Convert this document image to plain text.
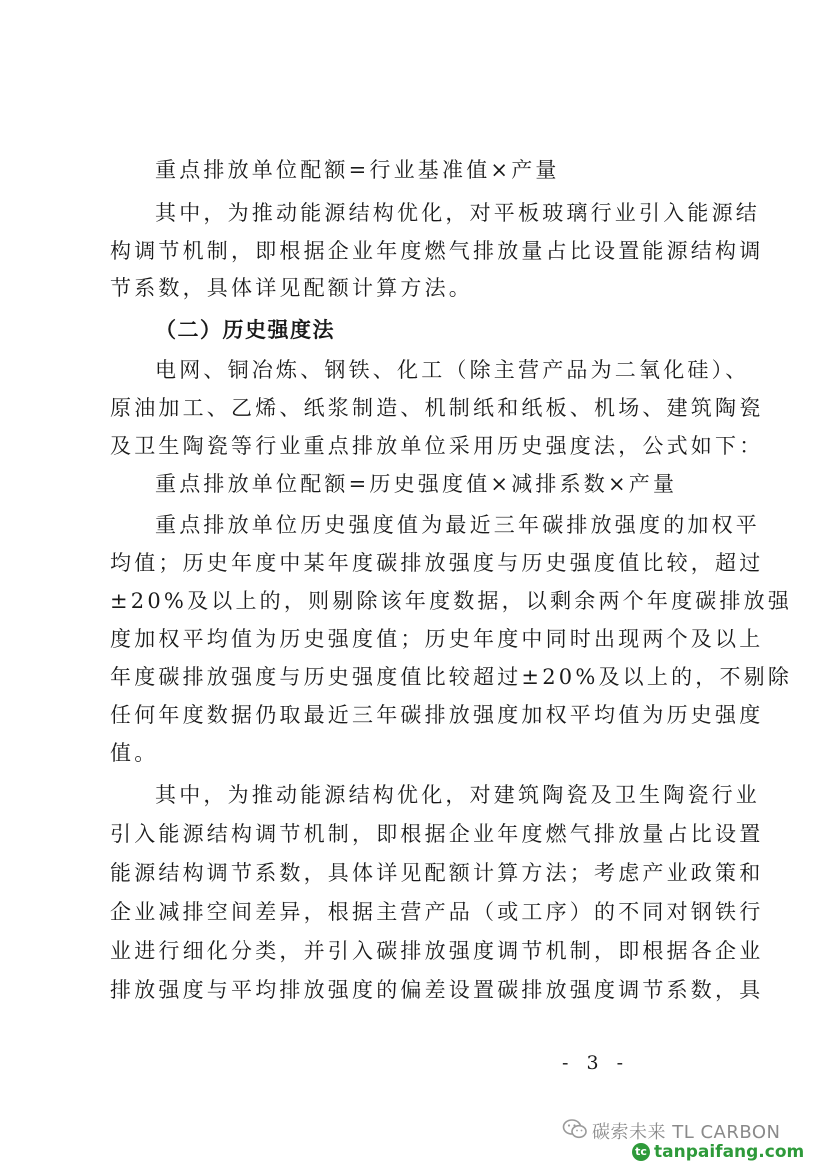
重点排放单位配额=行业基准值×产量
其中，为推动能源结构优化，对平板玻璃行业引入能源结
构调节机制，即根据企业年度燃气排放量占比设置能源结构调
节系数，具体详见配额计算方法。
（二）历史强度法
电网、铜冶炼、钢铁、化工（除主营产品为二氧化硅）、
原油加工、乙烯、纸浆制造、机制纸和纸板、机场、建筑陶瓷
及卫生陶瓷等行业重点排放单位采用历史强度法，公式如下：
重点排放单位配额=历史强度值×减排系数×产量
重点排放单位历史强度值为最近三年碳排放强度的加权平
均值；历史年度中某年度碳排放强度与历史强度值比较，超过
±20%及以上的，则剔除该年度数据，以剩余两个年度碳排放强
度加权平均值为历史强度值；历史年度中同时出现两个及以上
年度碳排放强度与历史强度值比较超过±20%及以上的，不剔除
任何年度数据仍取最近三年碳排放强度加权平均值为历史强度
值。
其中，为推动能源结构优化，对建筑陶瓷及卫生陶瓷行业
引入能源结构调节机制，即根据企业年度燃气排放量占比设置
能源结构调节系数，具体详见配额计算方法；考虑产业政策和
企业减排空间差异，根据主营产品（或工序）的不同对钢铁行
业进行细化分类，并引入碳排放强度调节机制，即根据各企业
排放强度与平均排放强度的偏差设置碳排放强度调节系数，具
- 3 -
碳索未来 TL CARBON
tc tanpaifang.com
